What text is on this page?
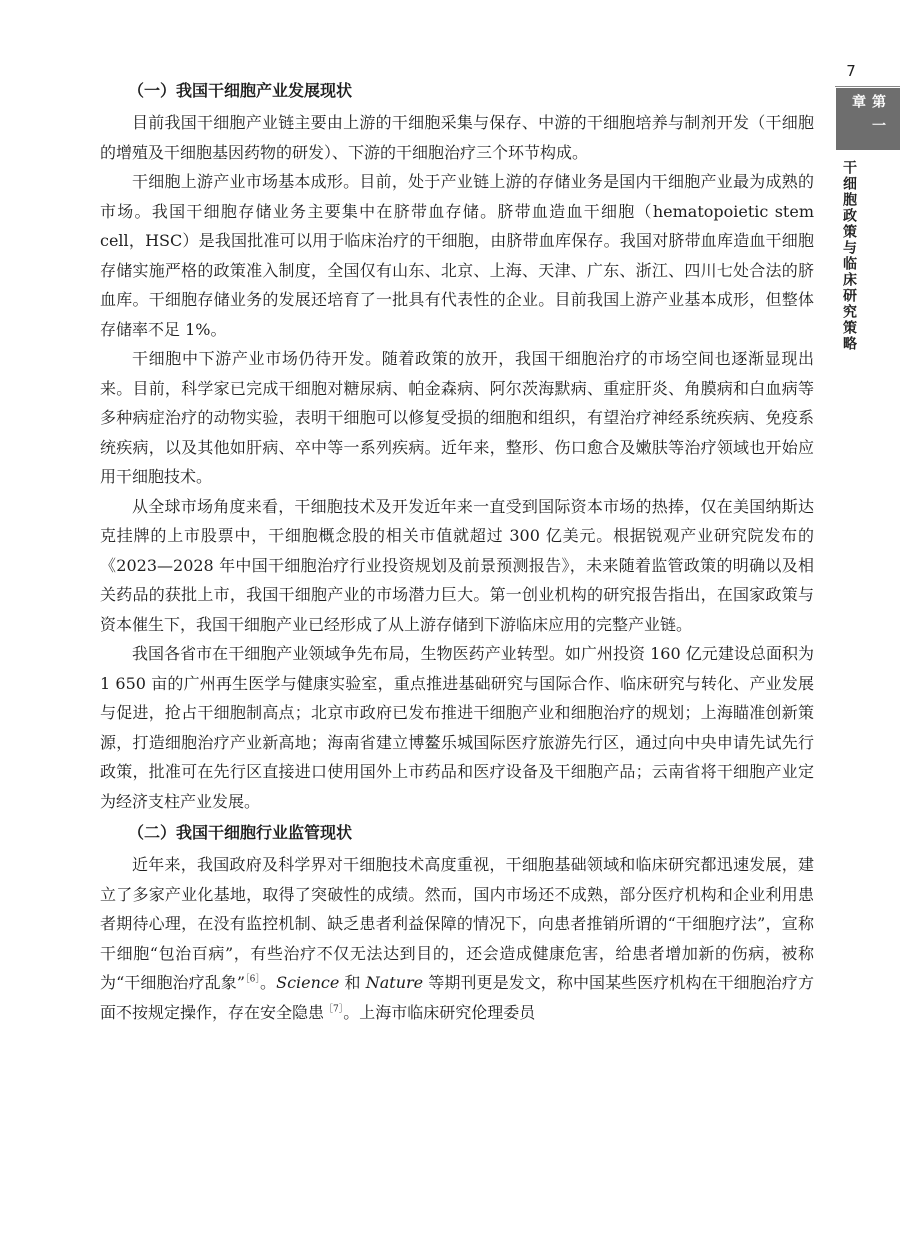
7
第一章
干细胞政策与临床研究策略
（一）我国干细胞产业发展现状

目前我国干细胞产业链主要由上游的干细胞采集与保存、中游的干细胞培养与制剂开发（干细胞的增殖及干细胞基因药物的研发）、下游的干细胞治疗三个环节构成。

干细胞上游产业市场基本成形。目前，处于产业链上游的存储业务是国内干细胞产业最为成熟的市场。我国干细胞存储业务主要集中在脐带血存储。脐带血造血干细胞（hematopoietic stem cell，HSC）是我国批准可以用于临床治疗的干细胞，由脐带血库保存。我国对脐带血库造血干细胞存储实施严格的政策准入制度，全国仅有山东、北京、上海、天津、广东、浙江、四川七处合法的脐血库。干细胞存储业务的发展还培育了一批具有代表性的企业。目前我国上游产业基本成形，但整体存储率不足 1%。

干细胞中下游产业市场仍待开发。随着政策的放开，我国干细胞治疗的市场空间也逐渐显现出来。目前，科学家已完成干细胞对糖尿病、帕金森病、阿尔茨海默病、重症肝炎、角膜病和白血病等多种病症治疗的动物实验，表明干细胞可以修复受损的细胞和组织，有望治疗神经系统疾病、免疫系统疾病，以及其他如肝病、卒中等一系列疾病。近年来，整形、伤口愈合及嫩肤等治疗领域也开始应用干细胞技术。

从全球市场角度来看，干细胞技术及开发近年来一直受到国际资本市场的热捧，仅在美国纳斯达克挂牌的上市股票中，干细胞概念股的相关市值就超过 300 亿美元。根据锐观产业研究院发布的《2023—2028 年中国干细胞治疗行业投资规划及前景预测报告》，未来随着监管政策的明确以及相关药品的获批上市，我国干细胞产业的市场潜力巨大。第一创业机构的研究报告指出，在国家政策与资本催生下，我国干细胞产业已经形成了从上游存储到下游临床应用的完整产业链。

我国各省市在干细胞产业领域争先布局，生物医药产业转型。如广州投资 160 亿元建设总面积为 1 650 亩的广州再生医学与健康实验室，重点推进基础研究与国际合作、临床研究与转化、产业发展与促进，抢占干细胞制高点；北京市政府已发布推进干细胞产业和细胞治疗的规划；上海瞄准创新策源，打造细胞治疗产业新高地；海南省建立博鳌乐城国际医疗旅游先行区，通过向中央申请先试先行政策，批准可在先行区直接进口使用国外上市药品和医疗设备及干细胞产品；云南省将干细胞产业定为经济支柱产业发展。

（二）我国干细胞行业监管现状

近年来，我国政府及科学界对干细胞技术高度重视，干细胞基础领域和临床研究都迅速发展，建立了多家产业化基地，取得了突破性的成绩。然而，国内市场还不成熟，部分医疗机构和企业利用患者期待心理，在没有监控机制、缺乏患者利益保障的情况下，向患者推销所谓的“干细胞疗法”，宣称干细胞“包治百病”，有些治疗不仅无法达到目的，还会造成健康危害，给患者增加新的伤病，被称为“干细胞治疗乱象”$^{[6]}$。Science 和 Nature 等期刊更是发文，称中国某些医疗机构在干细胞治疗方面不按规定操作，存在安全隐患$^{[7]}$。上海市临床研究伦理委员
